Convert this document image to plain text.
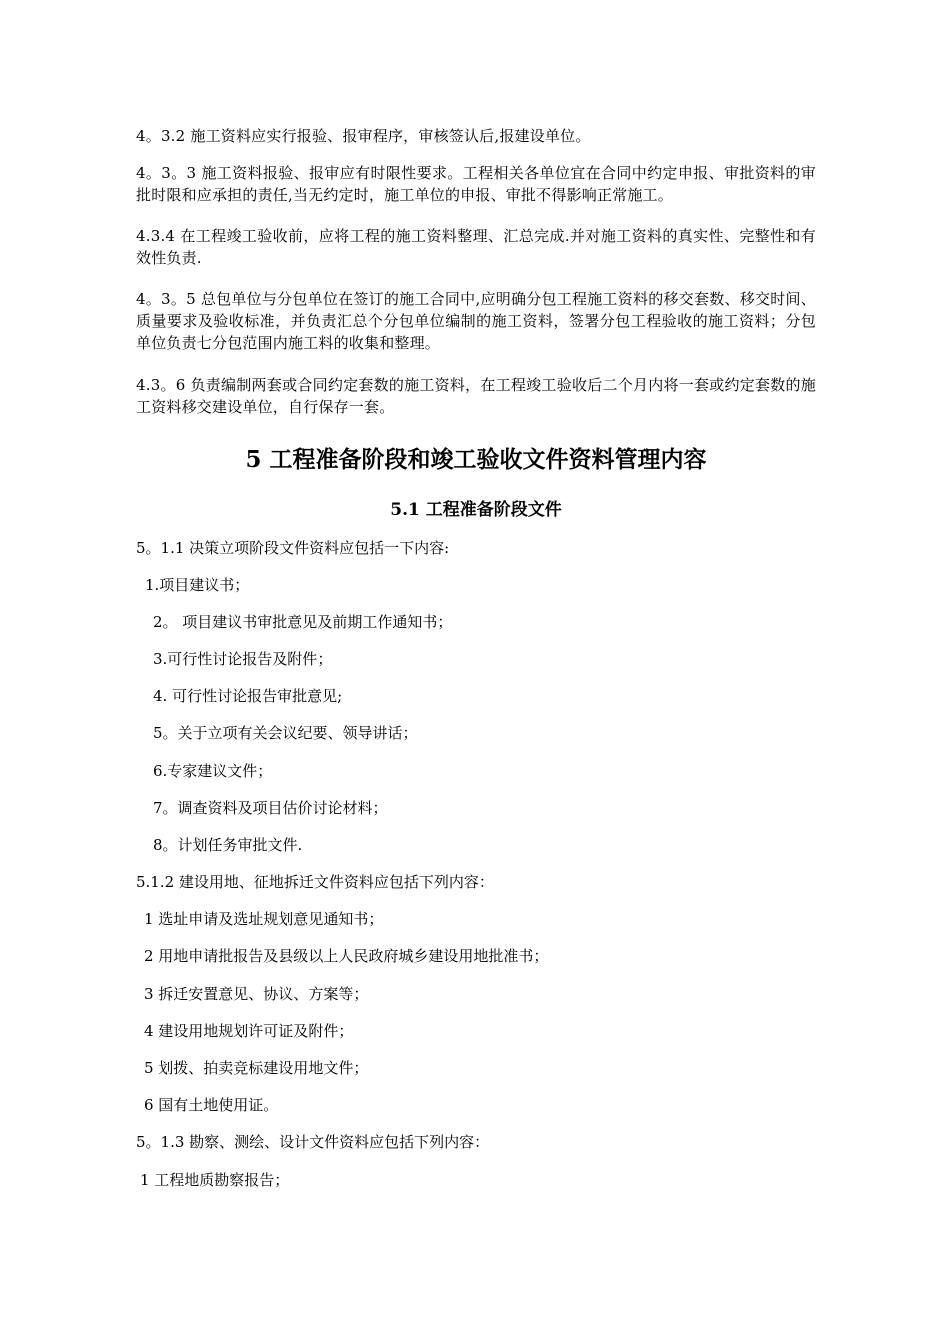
4。3.2 施工资料应实行报验、报审程序，审核签认后,报建设单位。
4。3。3 施工资料报验、报审应有时限性要求。工程相关各单位宜在合同中约定申报、审批资料的审批时限和应承担的责任,当无约定时，施工单位的申报、审批不得影响正常施工。
4.3.4 在工程竣工验收前，应将工程的施工资料整理、汇总完成.并对施工资料的真实性、完整性和有效性负责.
4。3。5 总包单位与分包单位在签订的施工合同中,应明确分包工程施工资料的移交套数、移交时间、质量要求及验收标准，并负责汇总个分包单位编制的施工资料，签署分包工程验收的施工资料；分包单位负责七分包范围内施工料的收集和整理。
4.3。6 负责编制两套或合同约定套数的施工资料，在工程竣工验收后二个月内将一套或约定套数的施工资料移交建设单位，自行保存一套。
5 工程准备阶段和竣工验收文件资料管理内容
5.1 工程准备阶段文件
5。1.1 决策立项阶段文件资料应包括一下内容:
1.项目建议书；
2。 项目建议书审批意见及前期工作通知书；
3.可行性讨论报告及附件；
4. 可行性讨论报告审批意见;
5。关于立项有关会议纪要、领导讲话；
6.专家建议文件；
7。调查资料及项目估价讨论材料；
8。计划任务审批文件.
5.1.2 建设用地、征地拆迁文件资料应包括下列内容：
1 选址申请及选址规划意见通知书；
2 用地申请批报告及县级以上人民政府城乡建设用地批准书；
3 拆迁安置意见、协议、方案等；
4 建设用地规划许可证及附件；
5 划拨、拍卖竞标建设用地文件；
6 国有土地使用证。
5。1.3 勘察、测绘、设计文件资料应包括下列内容：
1 工程地质勘察报告；
